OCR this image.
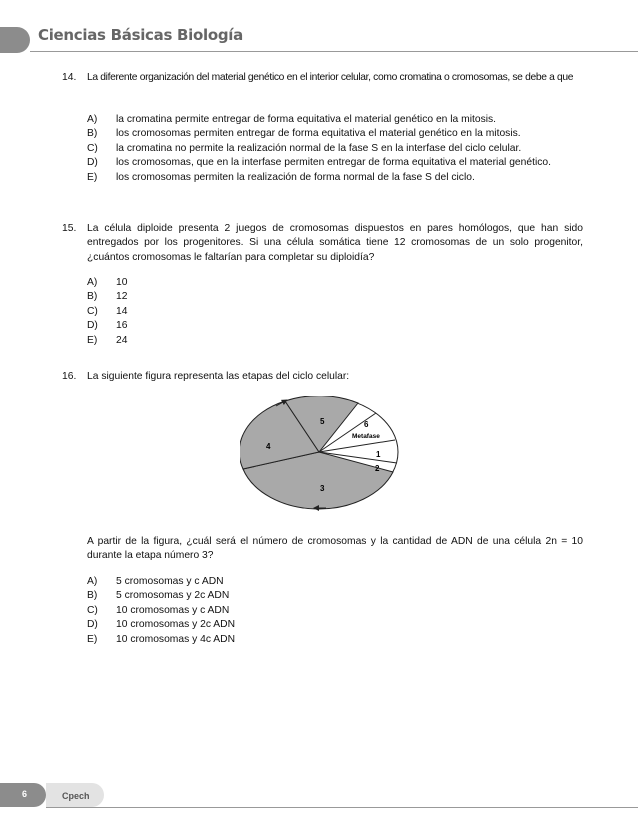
Ciencias Básicas Biología
14. La diferente organización del material genético en el interior celular, como cromatina o cromosomas, se debe a que
A) la cromatina permite entregar de forma equitativa el material genético en la mitosis.
B) los cromosomas permiten entregar de forma equitativa el material genético en la mitosis.
C) la cromatina no permite la realización normal de la fase S en la interfase del ciclo celular.
D) los cromosomas, que en la interfase permiten entregar de forma equitativa el material genético.
E) los cromosomas permiten la realización de forma normal de la fase S del ciclo.
15. La célula diploide presenta 2 juegos de cromosomas dispuestos en pares homólogos, que han sido entregados por los progenitores. Si una célula somática tiene 12 cromosomas de un solo progenitor, ¿cuántos cromosomas le faltarían para completar su diploidía?
A) 10
B) 12
C) 14
D) 16
E) 24
16. La siguiente figura representa las etapas del ciclo celular:
5
4
3
6
Metafase
1
2
A partir de la figura, ¿cuál será el número de cromosomas y la cantidad de ADN de una célula 2n = 10 durante la etapa número 3?
A) 5 cromosomas y c ADN
B) 5 cromosomas y 2c ADN
C) 10 cromosomas y c ADN
D) 10 cromosomas y 2c ADN
E) 10 cromosomas y 4c ADN
6	Cpech
